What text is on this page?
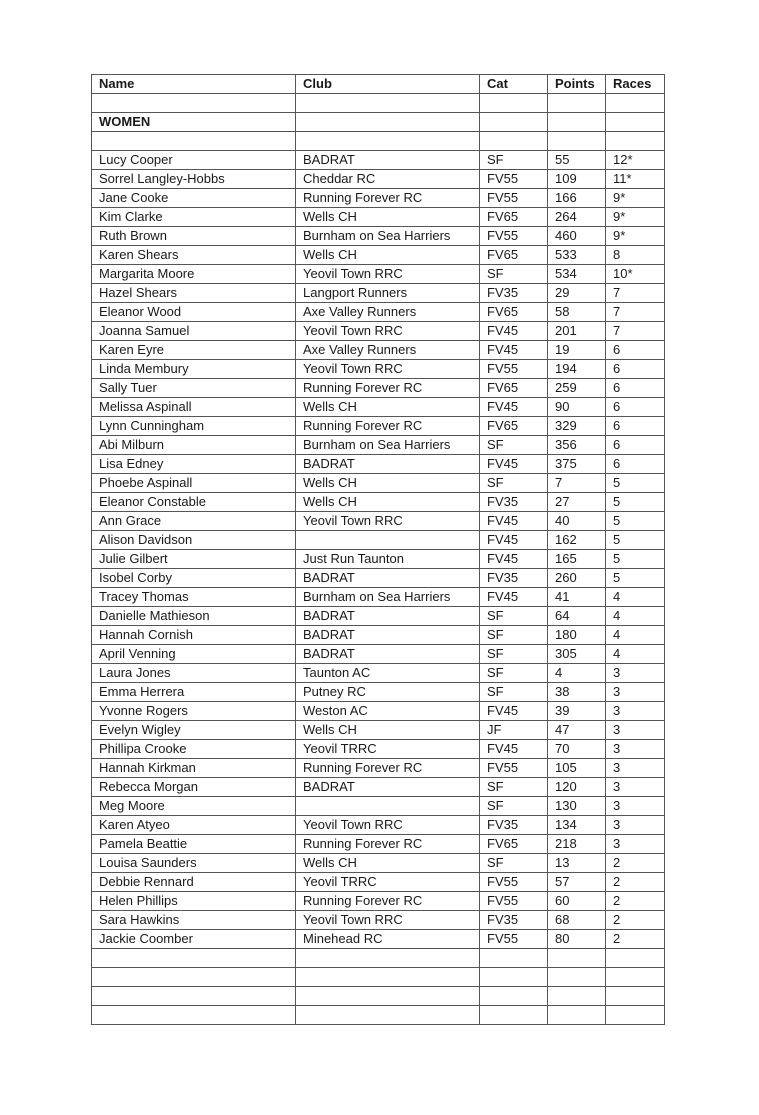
Name	Club	Cat	Points	Races

WOMEN				

Lucy Cooper	BADRAT	SF	55	12*
Sorrel Langley-Hobbs	Cheddar RC	FV55	109	11*
Jane Cooke	Running Forever RC	FV55	166	9*
Kim Clarke	Wells CH	FV65	264	9*
Ruth Brown	Burnham on Sea Harriers	FV55	460	9*
Karen Shears	Wells CH	FV65	533	8
Margarita Moore	Yeovil Town RRC	SF	534	10*
Hazel Shears	Langport Runners	FV35	29	7
Eleanor Wood	Axe Valley Runners	FV65	58	7
Joanna Samuel	Yeovil Town RRC	FV45	201	7
Karen Eyre	Axe Valley Runners	FV45	19	6
Linda Membury	Yeovil Town RRC	FV55	194	6
Sally Tuer	Running Forever RC	FV65	259	6
Melissa Aspinall	Wells CH	FV45	90	6
Lynn Cunningham	Running Forever RC	FV65	329	6
Abi Milburn	Burnham on Sea Harriers	SF	356	6
Lisa Edney	BADRAT	FV45	375	6
Phoebe Aspinall	Wells CH	SF	7	5
Eleanor Constable	Wells CH	FV35	27	5
Ann Grace	Yeovil Town RRC	FV45	40	5
Alison Davidson		FV45	162	5
Julie Gilbert	Just Run Taunton	FV45	165	5
Isobel Corby	BADRAT	FV35	260	5
Tracey Thomas	Burnham on Sea Harriers	FV45	41	4
Danielle Mathieson	BADRAT	SF	64	4
Hannah Cornish	BADRAT	SF	180	4
April Venning	BADRAT	SF	305	4
Laura Jones	Taunton AC	SF	4	3
Emma Herrera	Putney RC	SF	38	3
Yvonne Rogers	Weston AC	FV45	39	3
Evelyn Wigley	Wells CH	JF	47	3
Phillipa Crooke	Yeovil TRRC	FV45	70	3
Hannah Kirkman	Running Forever RC	FV55	105	3
Rebecca Morgan	BADRAT	SF	120	3
Meg Moore		SF	130	3
Karen Atyeo	Yeovil Town RRC	FV35	134	3
Pamela Beattie	Running Forever RC	FV65	218	3
Louisa Saunders	Wells CH	SF	13	2
Debbie Rennard	Yeovil TRRC	FV55	57	2
Helen Phillips	Running Forever RC	FV55	60	2
Sara Hawkins	Yeovil Town RRC	FV35	68	2
Jackie Coomber	Minehead RC	FV55	80	2
